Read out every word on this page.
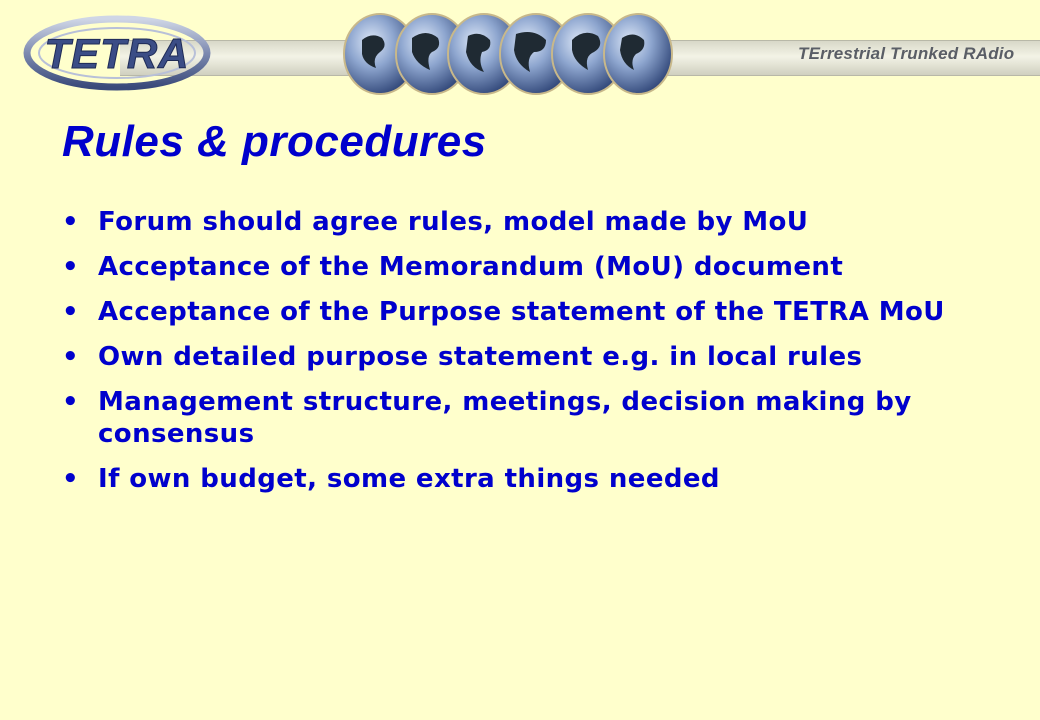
TETRA	TErrestrial Trunked RAdio
Rules & procedures
• Forum should agree rules, model made by MoU
• Acceptance of the Memorandum (MoU) document
• Acceptance of the Purpose statement of the TETRA MoU
• Own detailed purpose statement e.g. in local rules
• Management structure, meetings, decision making by consensus
• If own budget, some extra things needed
